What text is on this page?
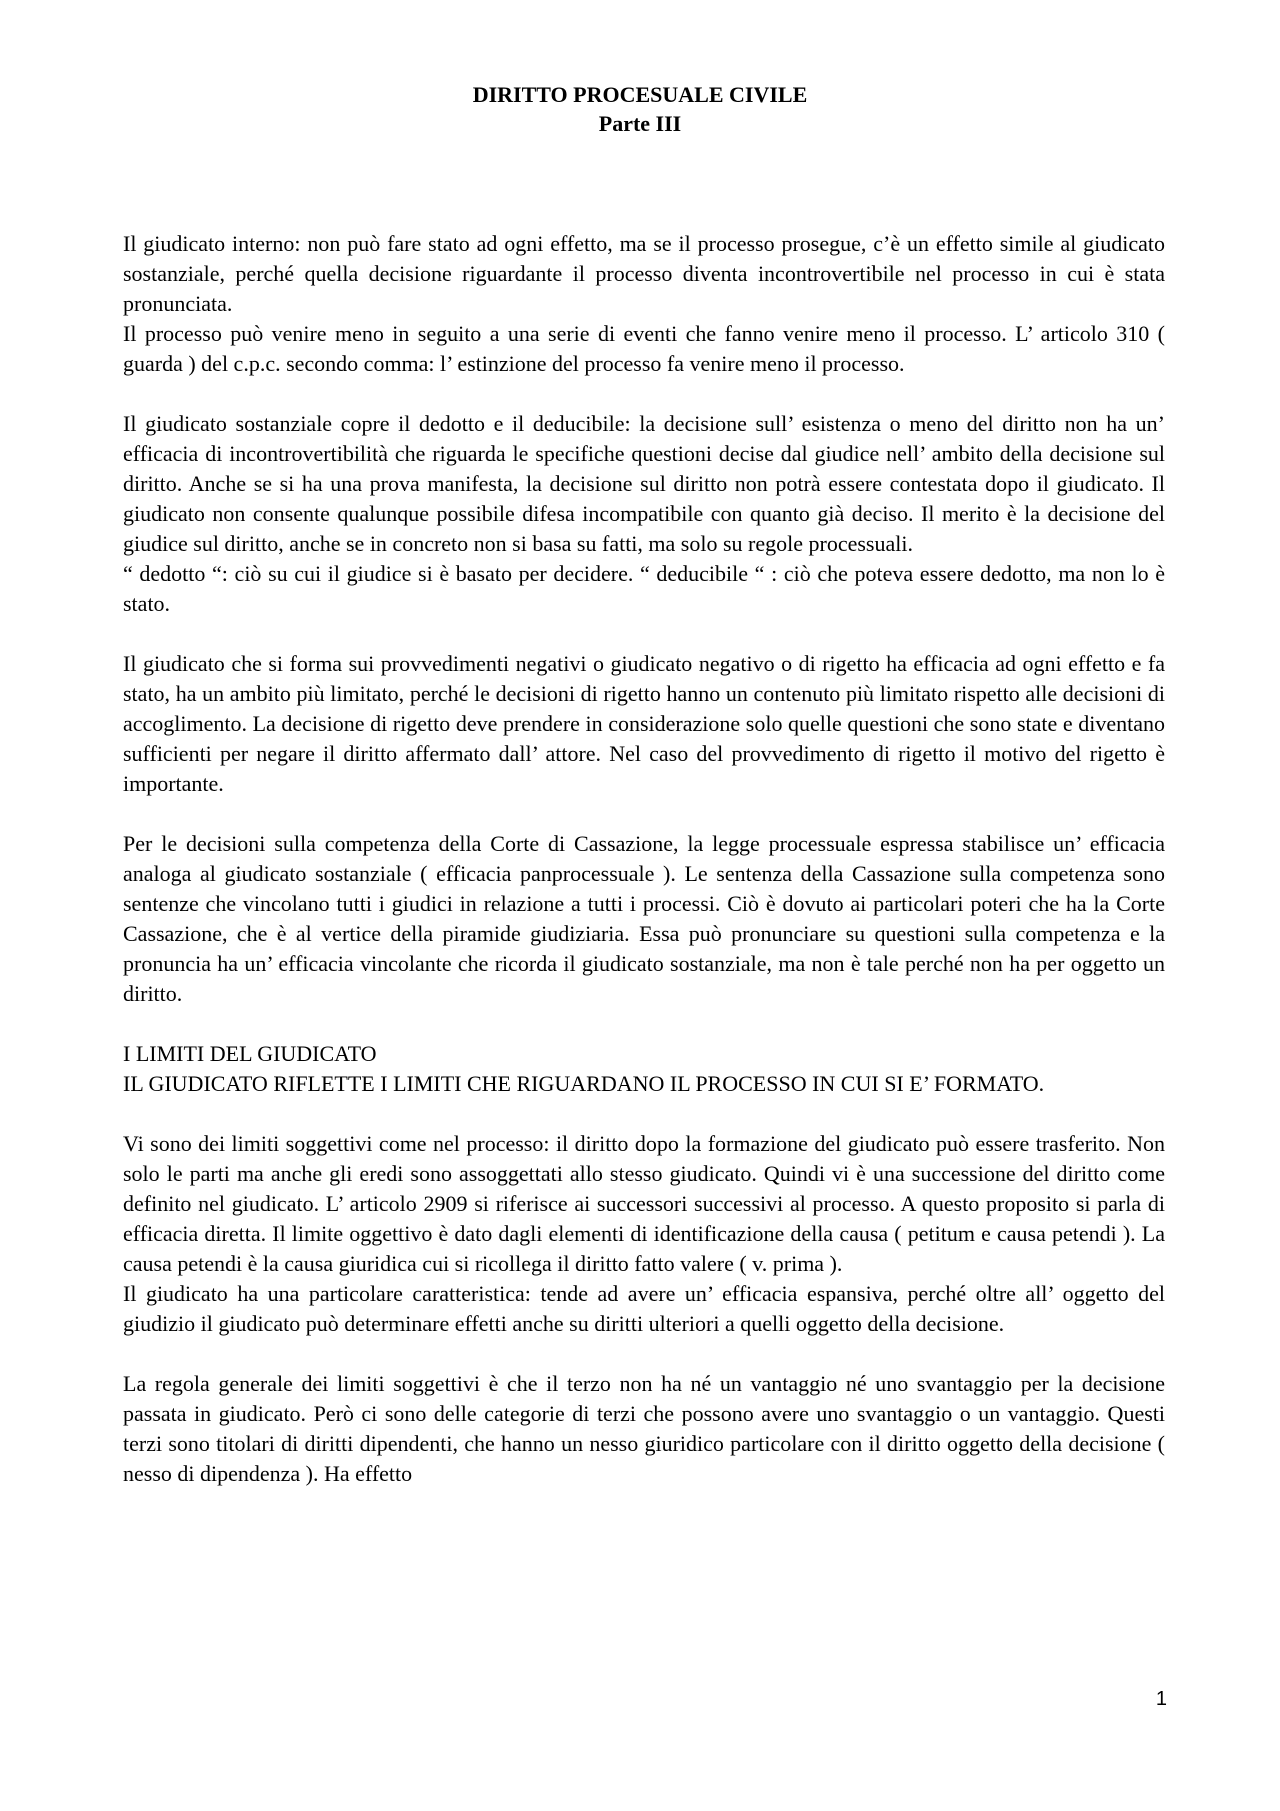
DIRITTO PROCESUALE CIVILE
Parte III

Il giudicato interno: non può fare stato ad ogni effetto, ma se il processo prosegue, c’è un effetto simile al giudicato sostanziale, perché quella decisione riguardante il processo diventa incontrovertibile nel processo in cui è stata pronunciata.

Il processo può venire meno in seguito a una serie di eventi che fanno venire meno il processo. L’ articolo 310 ( guarda ) del c.p.c. secondo comma: l’ estinzione del processo fa venire meno il processo.

Il giudicato sostanziale copre il dedotto e il deducibile: la decisione sull’ esistenza o meno del diritto non ha un’ efficacia di incontrovertibilità che riguarda le specifiche questioni decise dal giudice nell’ ambito della decisione sul diritto. Anche se si ha una prova manifesta, la decisione sul diritto non potrà essere contestata dopo il giudicato. Il giudicato non consente qualunque possibile difesa incompatibile con quanto già deciso. Il merito è la decisione del giudice sul diritto, anche se in concreto non si basa su fatti, ma solo su regole processuali.

“ dedotto “: ciò su cui il giudice si è basato per decidere. “ deducibile “ : ciò che poteva essere dedotto, ma non lo è stato.

Il giudicato che si forma sui provvedimenti negativi o giudicato negativo o di rigetto ha efficacia ad ogni effetto e fa stato, ha un ambito più limitato, perché le decisioni di rigetto hanno un contenuto più limitato rispetto alle decisioni di accoglimento. La decisione di rigetto deve prendere in considerazione solo quelle questioni che sono state e diventano sufficienti per negare il diritto affermato dall’ attore. Nel caso del provvedimento di rigetto il motivo del rigetto è importante.

Per le decisioni sulla competenza della Corte di Cassazione, la legge processuale espressa stabilisce un’ efficacia analoga al giudicato sostanziale ( efficacia panprocessuale ). Le sentenza della Cassazione sulla competenza sono sentenze che vincolano tutti i giudici in relazione a tutti i processi. Ciò è dovuto ai particolari poteri che ha la Corte Cassazione, che è al vertice della piramide giudiziaria. Essa può pronunciare su questioni sulla competenza e la pronuncia ha un’ efficacia vincolante che ricorda il giudicato sostanziale, ma non è tale perché non ha per oggetto un diritto.

I LIMITI DEL GIUDICATO

IL GIUDICATO RIFLETTE I LIMITI CHE RIGUARDANO IL PROCESSO IN CUI SI E’ FORMATO.

Vi sono dei limiti soggettivi come nel processo: il diritto dopo la formazione del giudicato può essere trasferito. Non solo le parti ma anche gli eredi sono assoggettati allo stesso giudicato. Quindi vi è una successione del diritto come definito nel giudicato. L’ articolo 2909 si riferisce ai successori successivi al processo. A questo proposito si parla di efficacia diretta. Il limite oggettivo è dato dagli elementi di identificazione della causa ( petitum e causa petendi ). La causa petendi è la causa giuridica cui si ricollega il diritto fatto valere ( v. prima ).

Il giudicato ha una particolare caratteristica: tende ad avere un’ efficacia espansiva, perché oltre all’ oggetto del giudizio il giudicato può determinare effetti anche su diritti ulteriori a quelli oggetto della decisione.

La regola generale dei limiti soggettivi è che il terzo non ha né un vantaggio né uno svantaggio per la decisione passata in giudicato. Però ci sono delle categorie di terzi che possono avere uno svantaggio o un vantaggio. Questi terzi sono titolari di diritti dipendenti, che hanno un nesso giuridico particolare con il diritto oggetto della decisione ( nesso di dipendenza ). Ha effetto

1
